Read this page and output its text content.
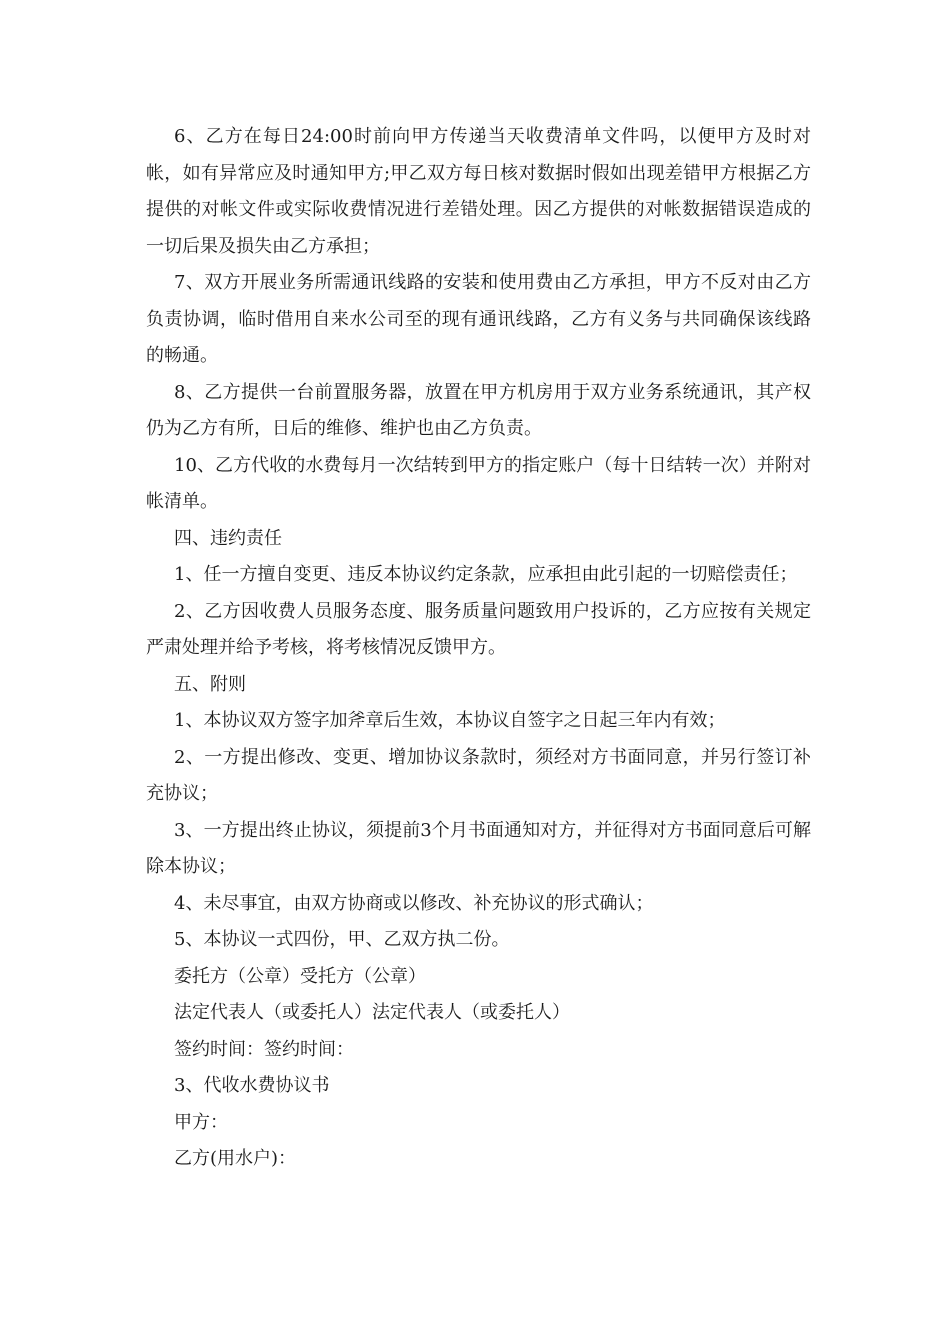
6、乙方在每日24:00时前向甲方传递当天收费清单文件吗，以便甲方及时对帐，如有异常应及时通知甲方;甲乙双方每日核对数据时假如出现差错甲方根据乙方提供的对帐文件或实际收费情况进行差错处理。因乙方提供的对帐数据错误造成的一切后果及损失由乙方承担；

7、双方开展业务所需通讯线路的安装和使用费由乙方承担，甲方不反对由乙方负责协调，临时借用自来水公司至的现有通讯线路，乙方有义务与共同确保该线路的畅通。

8、乙方提供一台前置服务器，放置在甲方机房用于双方业务系统通讯，其产权仍为乙方有所，日后的维修、维护也由乙方负责。

10、乙方代收的水费每月一次结转到甲方的指定账户（每十日结转一次）并附对帐清单。

四、违约责任

1、任一方擅自变更、违反本协议约定条款，应承担由此引起的一切赔偿责任；

2、乙方因收费人员服务态度、服务质量问题致用户投诉的，乙方应按有关规定严肃处理并给予考核，将考核情况反馈甲方。

五、附则

1、本协议双方签字加斧章后生效，本协议自签字之日起三年内有效；

2、一方提出修改、变更、增加协议条款时，须经对方书面同意，并另行签订补充协议；

3、一方提出终止协议，须提前3个月书面通知对方，并征得对方书面同意后可解除本协议；

4、未尽事宜，由双方协商或以修改、补充协议的形式确认；

5、本协议一式四份，甲、乙双方执二份。

委托方（公章）受托方（公章）

法定代表人（或委托人）法定代表人（或委托人）

签约时间：签约时间：

3、代收水费协议书

甲方：

乙方(用水户)：
